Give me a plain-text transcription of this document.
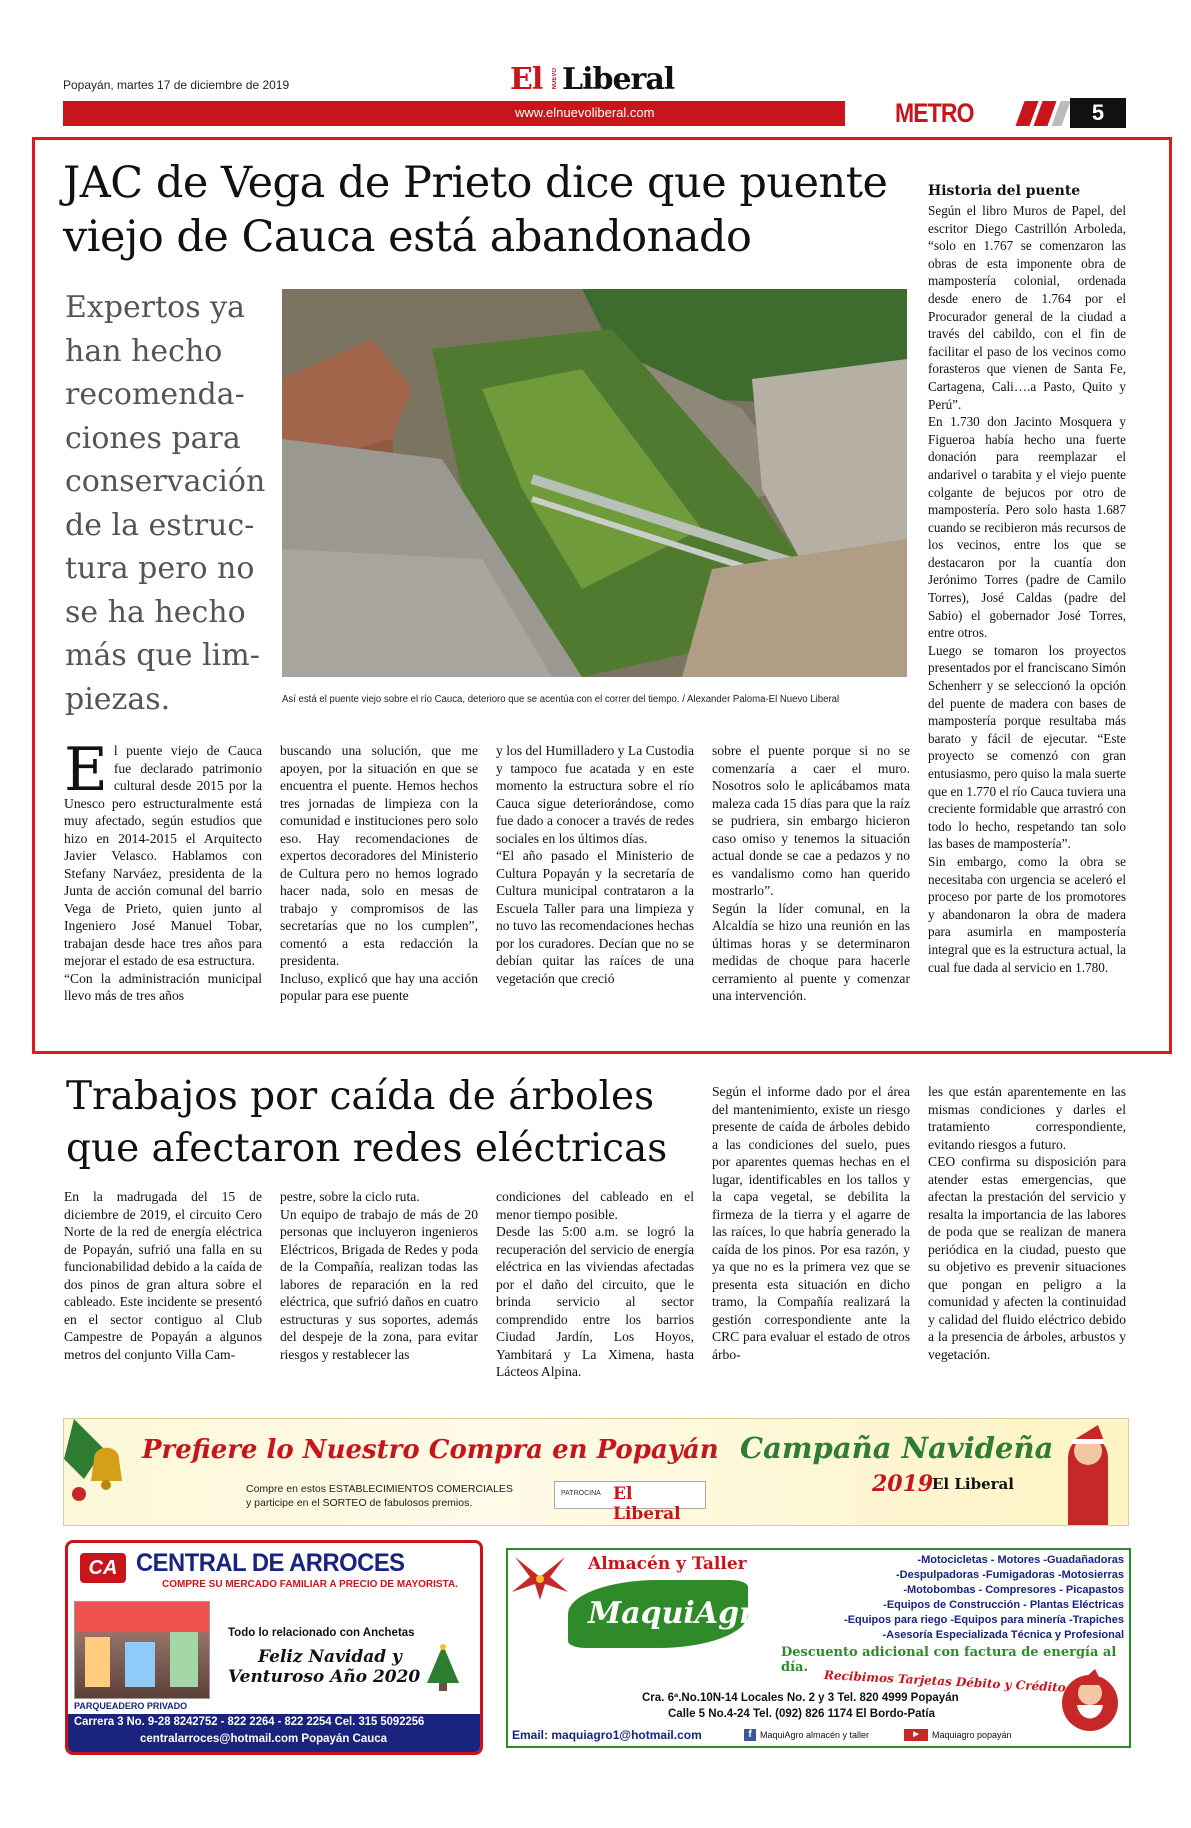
Popayán, martes 17 de diciembre de 2019	El NUEVO Liberal
www.elnuevoliberal.com	METRO	5
JAC de Vega de Prieto dice que puente
viejo de Cauca está abandonado
Expertos ya
han hecho
recomenda-
ciones para
conservación
de la estruc-
tura pero no
se ha hecho
más que lim-
piezas.	Así está el puente viejo sobre el río Cauca, deterioro que se acentúa con el correr del tiempo. / Alexander Paloma-El Nuevo Liberal
El puente viejo de Cauca fue declarado patrimonio cultural desde 2015 por la Unesco pero estructuralmente está muy afectado, según estudios que hizo en 2014-2015 el Arquitecto Javier Velasco. Hablamos con Stefany Narváez, presidenta de la Junta de acción comunal del barrio Vega de Prieto, quien junto al Ingeniero José Manuel Tobar, trabajan desde hace tres años para mejorar el estado de esa estructura.
“Con la administración municipal llevo más de tres años
buscando una solución, que me apoyen, por la situación en que se encuentra el puente. Hemos hechos tres jornadas de limpieza con la comunidad e instituciones pero solo eso. Hay recomendaciones de expertos decoradores del Ministerio de Cultura pero no hemos logrado hacer nada, solo en mesas de trabajo y compromisos de las secretarías que no los cumplen”, comentó a esta redacción la presidenta.
Incluso, explicó que hay una acción popular para ese puente
y los del Humilladero y La Custodia y tampoco fue acatada y en este momento la estructura sobre el río Cauca sigue deteriorándose, como fue dado a conocer a través de redes sociales en los últimos días.
“El año pasado el Ministerio de Cultura Popayán y la secretaría de Cultura municipal contrataron a la Escuela Taller para una limpieza y no tuvo las recomendaciones hechas por los curadores. Decían que no se debían quitar las raíces de una vegetación que creció
sobre el puente porque si no se comenzaría a caer el muro. Nosotros solo le aplicábamos mata maleza cada 15 días para que la raíz se pudriera, sin embargo hicieron caso omiso y tenemos la situación actual donde se cae a pedazos y no es vandalismo como han querido mostrarlo”.
Según la líder comunal, en la Alcaldía se hizo una reunión en las últimas horas y se determinaron medidas de choque para hacerle cerramiento al puente y comenzar una intervención.
Historia del puente
Según el libro Muros de Papel, del escritor Diego Castrillón Arboleda, “solo en 1.767 se comenzaron las obras de esta imponente obra de mampostería colonial, ordenada desde enero de 1.764 por el Procurador general de la ciudad a través del cabildo, con el fin de facilitar el paso de los vecinos como forasteros que vienen de Santa Fe, Cartagena, Cali….a Pasto, Quito y Perú”.
En 1.730 don Jacinto Mosquera y Figueroa había hecho una fuerte donación para reemplazar el andarivel o tarabita y el viejo puente colgante de bejucos por otro de mampostería. Pero solo hasta 1.687 cuando se recibieron más recursos de los vecinos, entre los que se destacaron por la cuantía don Jerónimo Torres (padre de Camilo Torres), José Caldas (padre del Sabio) el gobernador José Torres, entre otros.
Luego se tomaron los proyectos presentados por el franciscano Simón Schenherr y se seleccionó la opción del puente de madera con bases de mampostería porque resultaba más barato y fácil de ejecutar. “Este proyecto se comenzó con gran entusiasmo, pero quiso la mala suerte que en 1.770 el río Cauca tuviera una creciente formidable que arrastró con todo lo hecho, respetando tan solo las bases de mampostería”.
Sin embargo, como la obra se necesitaba con urgencia se aceleró el proceso por parte de los promotores y abandonaron la obra de madera para asumirla en mampostería integral que es la estructura actual, la cual fue dada al servicio en 1.780.
Trabajos por caída de árboles
que afectaron redes eléctricas
En la madrugada del 15 de diciembre de 2019, el circuito Cero Norte de la red de energía eléctrica de Popayán, sufrió una falla en su funcionabilidad debido a la caída de dos pinos de gran altura sobre el cableado. Este incidente se presentó en el sector contiguo al Club Campestre de Popayán a algunos metros del conjunto Villa Cam-
pestre, sobre la ciclo ruta.
Un equipo de trabajo de más de 20 personas que incluyeron ingenieros Eléctricos, Brigada de Redes y poda de la Compañía, realizan todas las labores de reparación en la red eléctrica, que sufrió daños en cuatro estructuras y sus soportes, además del despeje de la zona, para evitar riesgos y restablecer las
condiciones del cableado en el menor tiempo posible.
Desde las 5:00 a.m. se logró la recuperación del servicio de energía eléctrica en las viviendas afectadas por el daño del circuito, que le brinda servicio al sector comprendido entre los barrios Ciudad Jardín, Los Hoyos, Yambitará y La Ximena, hasta Lácteos Alpina.
Según el informe dado por el área del mantenimiento, existe un riesgo presente de caída de árboles debido a las condiciones del suelo, pues por aparentes quemas hechas en el lugar, identificables en los tallos y la capa vegetal, se debilita la firmeza de la tierra y el agarre de las raíces, lo que habría generado la caída de los pinos. Por esa razón, y ya que no es la primera vez que se presenta esta situación en dicho tramo, la Compañía realizará la gestión correspondiente ante la CRC para evaluar el estado de otros árbo-
les que están aparentemente en las mismas condiciones y darles el tratamiento correspondiente, evitando riesgos a futuro.
CEO confirma su disposición para atender estas emergencias, que afectan la prestación del servicio y resalta la importancia de las labores de poda que se realizan de manera periódica en la ciudad, puesto que su objetivo es prevenir situaciones que pongan en peligro a la comunidad y afecten la continuidad y calidad del fluido eléctrico debido a la presencia de árboles, arbustos y vegetación.
Prefiere lo Nuestro Compra en Popayán
Compre en estos ESTABLECIMIENTOS COMERCIALES
y participe en el SORTEO de fabulosos premios.
PATROCINA El Liberal
Campaña Navideña
2019
El Liberal
CA CENTRAL DE ARROCES
COMPRE SU MERCADO FAMILIAR A PRECIO DE MAYORISTA.
PARQUEADERO PRIVADO
Todo lo relacionado con Anchetas
Feliz Navidad y
Venturoso Año 2020
Carrera 3 No. 9-28 8242752 - 822 2264 - 822 2254 Cel. 315 5092256
centralarroces@hotmail.com Popayán Cauca
Almacén y Taller
MaquiAgro
-Motocicletas - Motores -Guadañadoras
-Despulpadoras -Fumigadoras -Motosierras
-Motobombas - Compresores - Picapastos
-Equipos de Construcción - Plantas Eléctricas
-Equipos para riego -Equipos para minería -Trapiches
-Asesoría Especializada Técnica y Profesional
Descuento adicional con factura de energía al día.
Recibimos Tarjetas Débito y Crédito
Cra. 6ª.No.10N-14 Locales No. 2 y 3 Tel. 820 4999 Popayán
Calle 5 No.4-24 Tel. (092) 826 1174 El Bordo-Patía
Email: maquiagro1@hotmail.com	f MaquiAgro almacén y taller	▶	Maquiagro popayán
